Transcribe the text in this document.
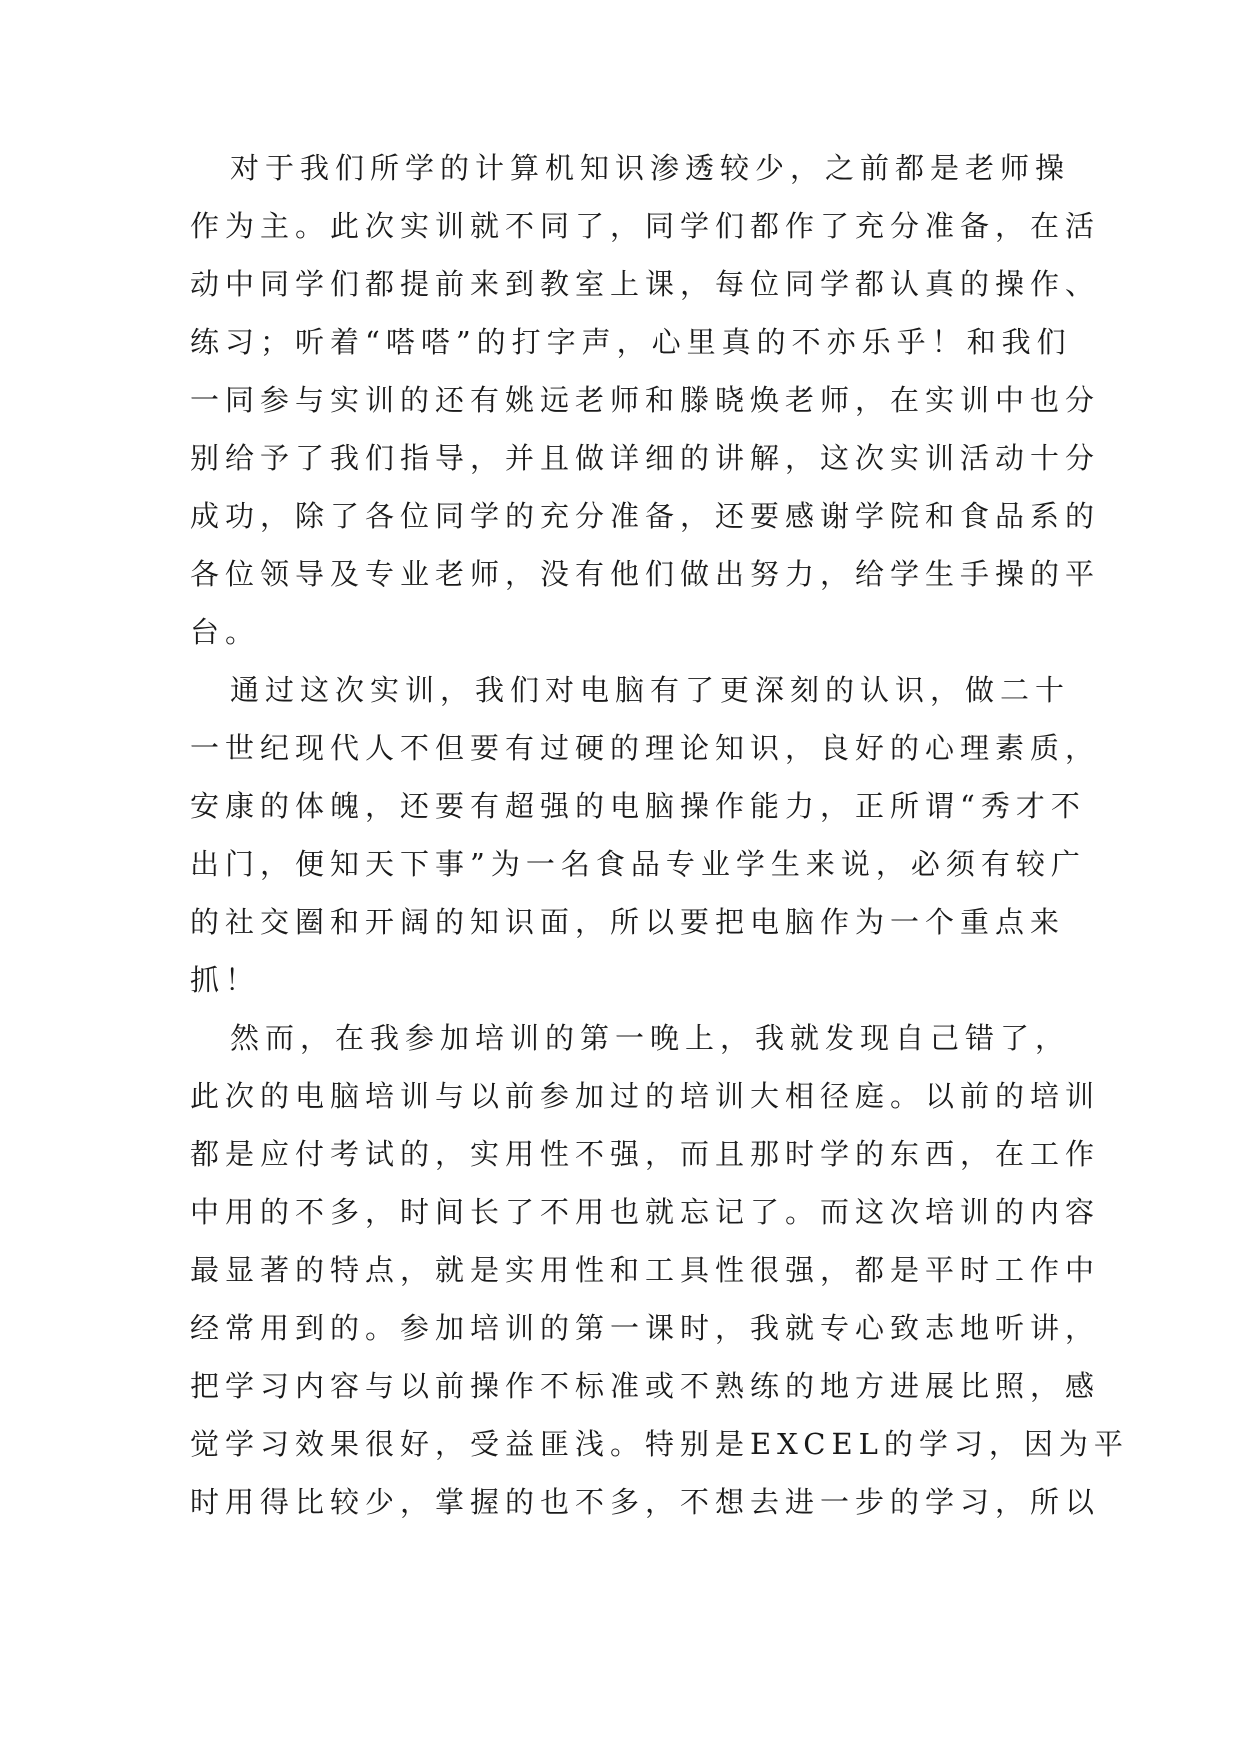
对于我们所学的计算机知识渗透较少，之前都是老师操
作为主。此次实训就不同了，同学们都作了充分准备，在活
动中同学们都提前来到教室上课，每位同学都认真的操作、
练习；听着“嗒嗒”的打字声，心里真的不亦乐乎！和我们
一同参与实训的还有姚远老师和滕晓焕老师，在实训中也分
别给予了我们指导，并且做详细的讲解，这次实训活动十分
成功，除了各位同学的充分准备，还要感谢学院和食品系的
各位领导及专业老师，没有他们做出努力，给学生手操的平
台。
通过这次实训，我们对电脑有了更深刻的认识，做二十
一世纪现代人不但要有过硬的理论知识，良好的心理素质，
安康的体魄，还要有超强的电脑操作能力，正所谓“秀才不
出门，便知天下事”为一名食品专业学生来说，必须有较广
的社交圈和开阔的知识面，所以要把电脑作为一个重点来
抓！
然而，在我参加培训的第一晚上，我就发现自己错了，
此次的电脑培训与以前参加过的培训大相径庭。以前的培训
都是应付考试的，实用性不强，而且那时学的东西，在工作
中用的不多，时间长了不用也就忘记了。而这次培训的内容
最显著的特点，就是实用性和工具性很强，都是平时工作中
经常用到的。参加培训的第一课时，我就专心致志地听讲，
把学习内容与以前操作不标准或不熟练的地方进展比照，感
觉学习效果很好，受益匪浅。特别是EXCEL的学习，因为平
时用得比较少，掌握的也不多，不想去进一步的学习，所以
